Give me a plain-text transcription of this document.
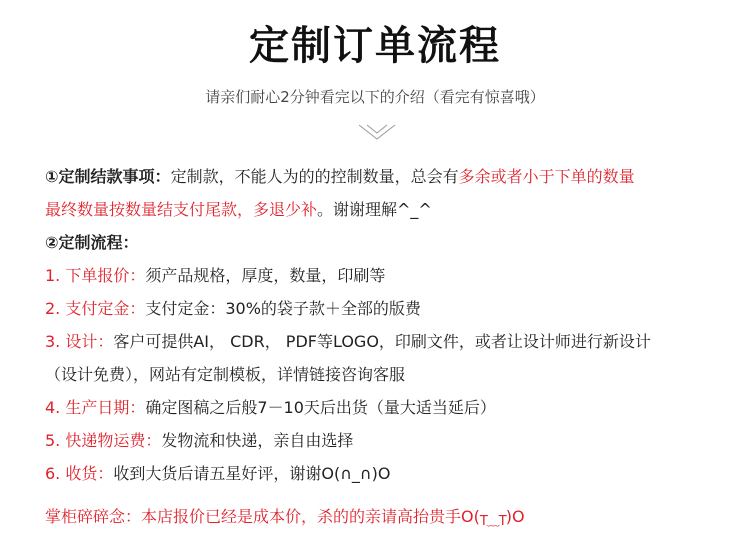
定制订单流程
请亲们耐心2分钟看完以下的介绍（看完有惊喜哦）
①定制结款事项：定制款，不能人为的的控制数量，总会有多余或者小于下单的数量
最终数量按数量结支付尾款，多退少补。谢谢理解^_^
②定制流程：
1. 下单报价：须产品规格，厚度，数量，印刷等
2. 支付定金：支付定金：30%的袋子款＋全部的版费
3. 设计：客户可提供AI， CDR， PDF等LOGO，印刷文件，或者让设计师进行新设计
（设计免费），网站有定制模板，详情链接咨询客服
4. 生产日期：确定图稿之后般7－10天后出货（量大适当延后）
5. 快递物运费：发物流和快递，亲自由选择
6. 收货：收到大货后请五星好评，谢谢O(∩_∩)O
掌柜碎碎念：本店报价已经是成本价，杀的的亲请高抬贵手O(T﹏T)O
